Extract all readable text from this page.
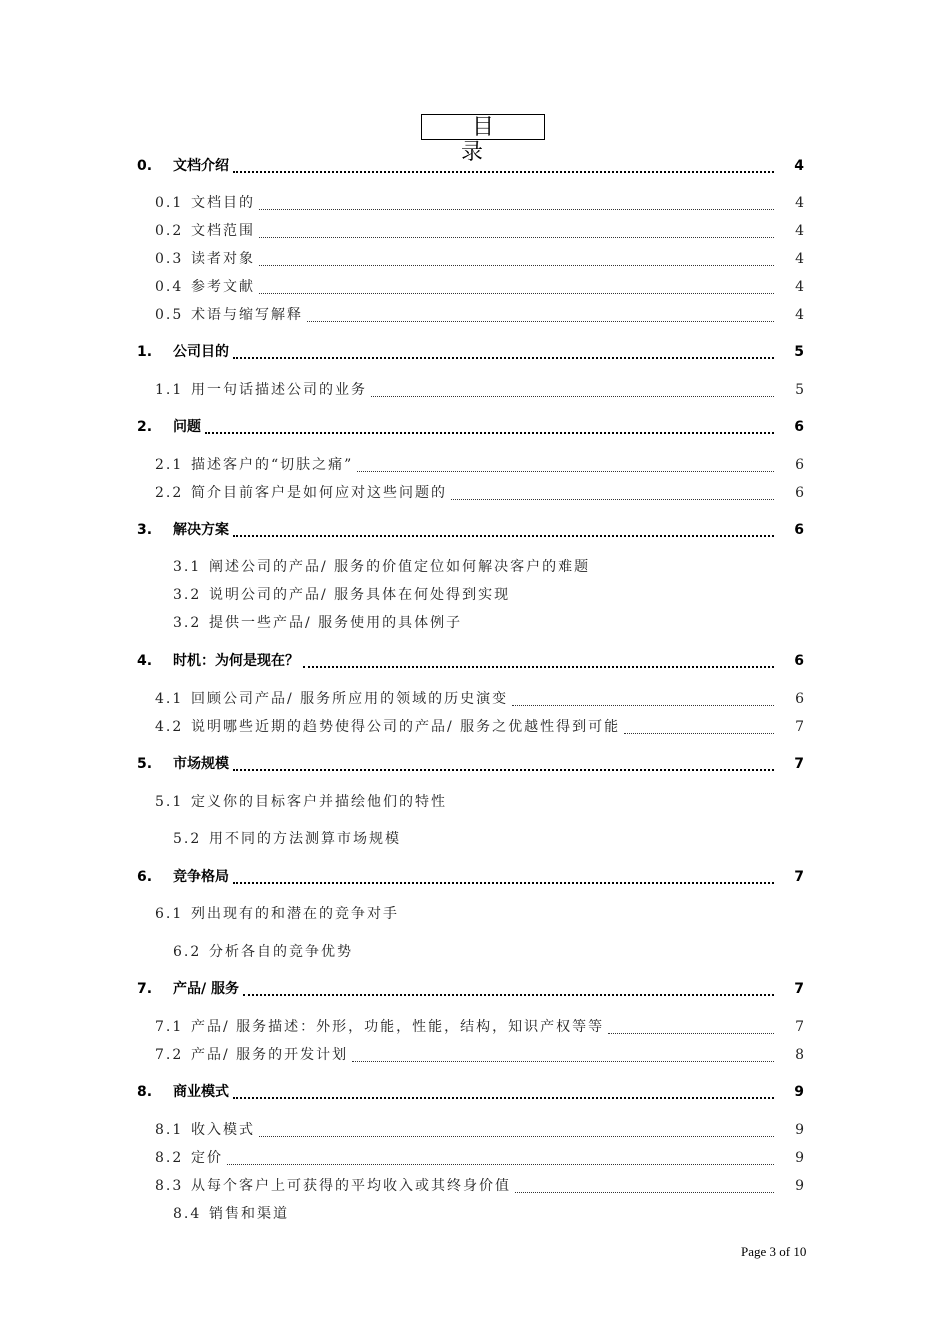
目 录
0. 文档介绍	4
0.1 文档目的	4
0.2 文档范围	4
0.3 读者对象	4
0.4 参考文献	4
0.5 术语与缩写解释	4
1. 公司目的	5
1.1 用一句话描述公司的业务	5
2. 问题	6
2.1 描述客户的“切肤之痛”	6
2.2 简介目前客户是如何应对这些问题的	6
3. 解决方案	6
3.1 阐述公司的产品/ 服务的价值定位如何解决客户的难题
3.2 说明公司的产品/ 服务具体在何处得到实现
3.2 提供一些产品/ 服务使用的具体例子
4. 时机：为何是现在？	6
4.1 回顾公司产品/ 服务所应用的领域的历史演变	6
4.2 说明哪些近期的趋势使得公司的产品/ 服务之优越性得到可能	7
5. 市场规模	7
5.1 定义你的目标客户并描绘他们的特性
5.2 用不同的方法测算市场规模
6. 竞争格局	7
6.1 列出现有的和潜在的竞争对手
6.2 分析各自的竞争优势
7. 产品/ 服务	7
7.1 产品/ 服务描述：外形，功能，性能，结构，知识产权等等	7
7.2 产品/ 服务的开发计划	8
8. 商业模式	9
8.1 收入模式	9
8.2 定价	9
8.3 从每个客户上可获得的平均收入或其终身价值	9
8.4 销售和渠道
Page 3 of 10
